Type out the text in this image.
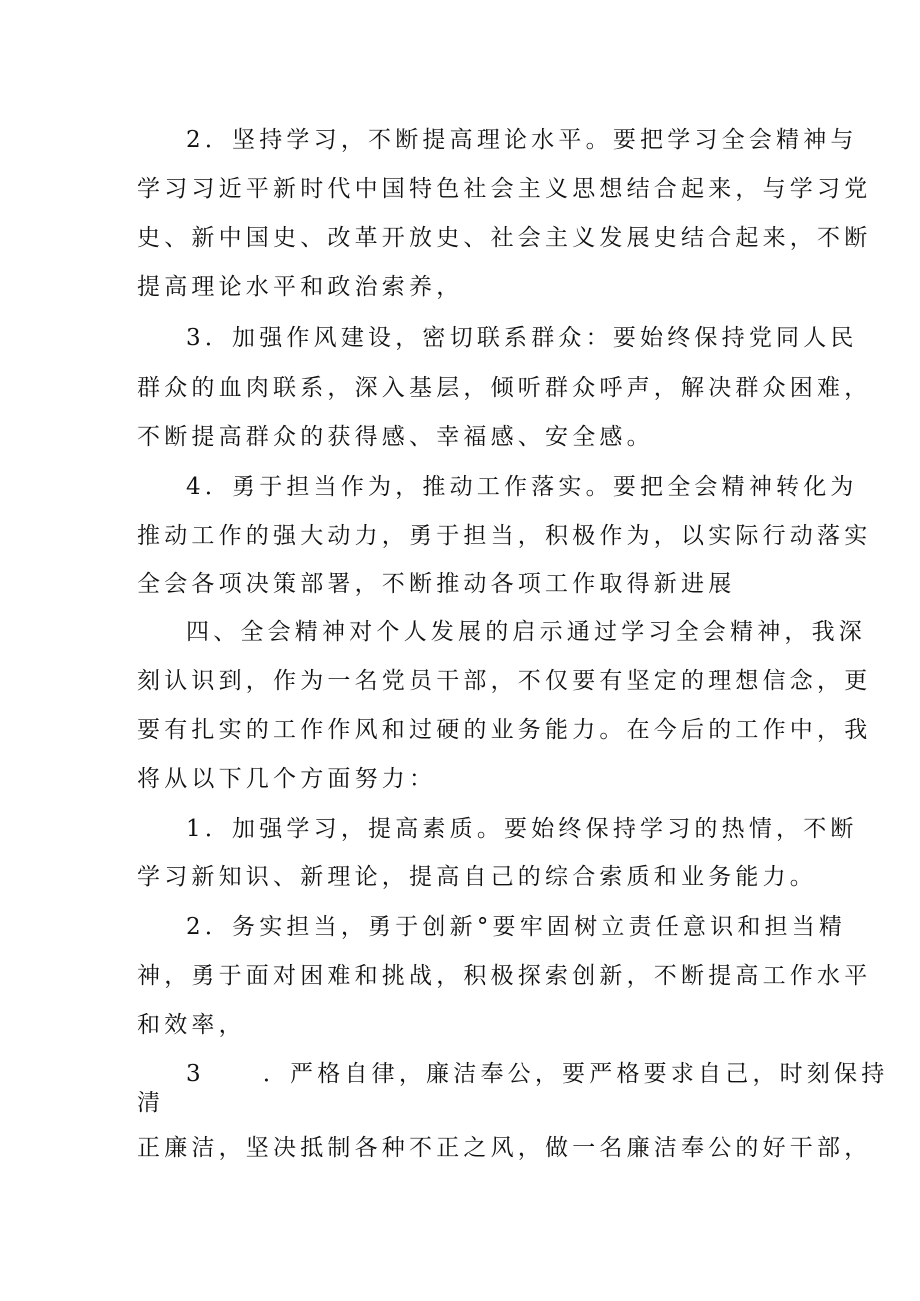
2．坚持学习，不断提高理论水平。要把学习全会精神与

学习习近平新时代中国特色社会主义思想结合起来，与学习党

史、新中国史、改革开放史、社会主义发展史结合起来，不断

提高理论水平和政治索养，

3．加强作风建设，密切联系群众：要始终保持党同人民

群众的血肉联系，深入基层，倾听群众呼声，解决群众困难，

不断提高群众的获得感、幸福感、安全感。

4．勇于担当作为，推动工作落实。要把全会精神转化为

推动工作的强大动力，勇于担当，积极作为，以实际行动落实

全会各项决策部署，不断推动各项工作取得新进展

四、全会精神对个人发展的启示通过学习全会精神，我深

刻认识到，作为一名党员干部，不仅要有坚定的理想信念，更

要有扎实的工作作风和过硬的业务能力。在今后的工作中，我

将从以下几个方面努力：

1．加强学习，提高素质。要始终保持学习的热情，不断

学习新知识、新理论，提高自己的综合索质和业务能力。

2．务实担当，勇于创新°要牢固树立责任意识和担当精

神，勇于面对困难和挑战，积极探索创新，不断提高工作水平

和效率，

3	．严格自律，廉洁奉公，要严格要求自己，时刻保持

清

正廉洁，坚决抵制各种不正之风，做一名廉洁奉公的好干部，
